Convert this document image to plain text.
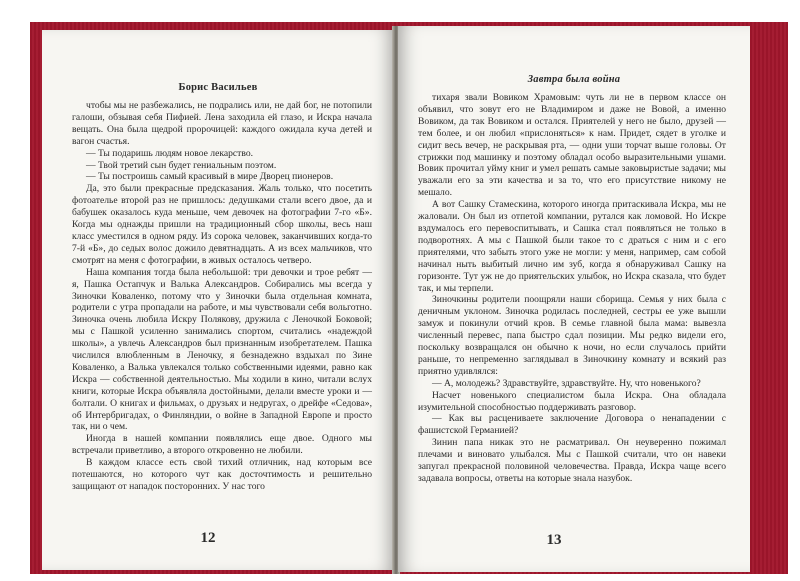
Борис Васильев

чтобы мы не разбежались, не подрались или, не дай бог, не потопили галоши, обзывая себя Пифией. Лена заходила ей глазо, и Искра начала вещать. Она была щедрой пророчицей: каждого ожидала куча детей и вагон счастья.

— Ты подаришь людям новое лекарство.

— Твой третий сын будет гениальным поэтом.

— Ты построишь самый красивый в мире Дворец пионеров.

Да, это были прекрасные предсказания. Жаль только, что посетить фотоателье второй раз не пришлось: дедушками стали всего двое, да и бабушек оказалось куда меньше, чем девочек на фотографии 7-го «Б». Когда мы однажды пришли на традиционный сбор школы, весь наш класс уместился в одном ряду. Из сорока человек, заканчивших когда-то 7-й «Б», до седых волос дожило девятнадцать. А из всех мальчиков, что смотрят на меня с фотографии, в живых осталось четверо.

Наша компания тогда была небольшой: три девочки и трое ребят — я, Пашка Остапчук и Валька Александров. Собирались мы всегда у Зиночки Коваленко, потому что у Зиночки была отдельная комната, родители с утра пропадали на работе, и мы чувствовали себя вольготно. Зиночка очень любила Искру Полякову, дружила с Леночкой Боковой; мы с Пашкой усиленно занимались спортом, считались «надеждой школы», а увлечь Александров был признанным изобретателем. Пашка числился влюбленным в Леночку, я безнадежно вздыхал по Зине Коваленко, а Валька увлекался только собственными идеями, равно как Искра — собственной деятельностью. Мы ходили в кино, читали вслух книги, которые Искра объявляла достойными, делали вместе уроки и — болтали. О книгах и фильмах, о друзьях и недругах, о дрейфе «Седова», об Интербригадах, о Финляндии, о войне в Западной Европе и просто так, ни о чем.

Иногда в нашей компании появлялись еще двое. Одного мы встречали приветливо, а второго откровенно не любили.

В каждом классе есть свой тихий отличник, над которым все потешаются, но которого чут как досточтимость и решительно защищают от нападок посторонних. У нас того

12
Завтра была война

тихаря звали Вовиком Храмовым: чуть ли не в первом классе он объявил, что зовут его не Владимиром и даже не Вовой, а именно Вовиком, да так Вовиком и остался. Приятелей у него не было, друзей — тем более, и он любил «прислоняться» к нам. Придет, сядет в уголке и сидит весь вечер, не раскрывая рта, — одни уши торчат выше головы. От стрижки под машинку и поэтому обладал особо выразительными ушами. Вовик прочитал уйму книг и умел решать самые заковыристые задачи; мы уважали его за эти качества и за то, что его присутствие никому не мешало.

А вот Сашку Стамескина, которого иногда притаскивала Искра, мы не жаловали. Он был из отпетой компании, рутался как ломовой. Но Искре вздумалось его перевоспитывать, и Сашка стал появляться не только в подворотнях. А мы с Пашкой были такое то с драться с ним и с его приятелями, что забыть этого уже не могли: у меня, например, сам собой начинал ныть выбитый лично им зуб, когда я обнаруживал Сашку на горизонте. Тут уж не до приятельских улыбок, но Искра сказала, что будет так, и мы терпели.

Зиночкины родители поощряли наши сборища. Семья у них была с деничным уклоном. Зиночка родилась последней, сестры ее уже вышли замуж и покинули отчий кров. В семье главной была мама: вывезла численный перевес, папа быстро сдал позиции. Мы редко видели его, поскольку возвращался он обычно к ночи, но если случалось прийти раньше, то непременно заглядывал в Зиночкину комнату и всякий раз приятно удивлялся:

— А, молодежь? Здравствуйте, здравствуйте. Ну, что новенького?

Насчет новенького специалистом была Искра. Она обладала изумительной способностью поддерживать разговор.

— Как вы расцениваете заключение Договора о ненападении с фашистской Германией?

Зинин папа никак это не расматривал. Он неуверенно пожимал плечами и виновато улыбался. Мы с Пашкой считали, что он навеки запугал прекрасной половиной человечества. Правда, Искра чаще всего задавала вопросы, ответы на которые знала назубок.

13
